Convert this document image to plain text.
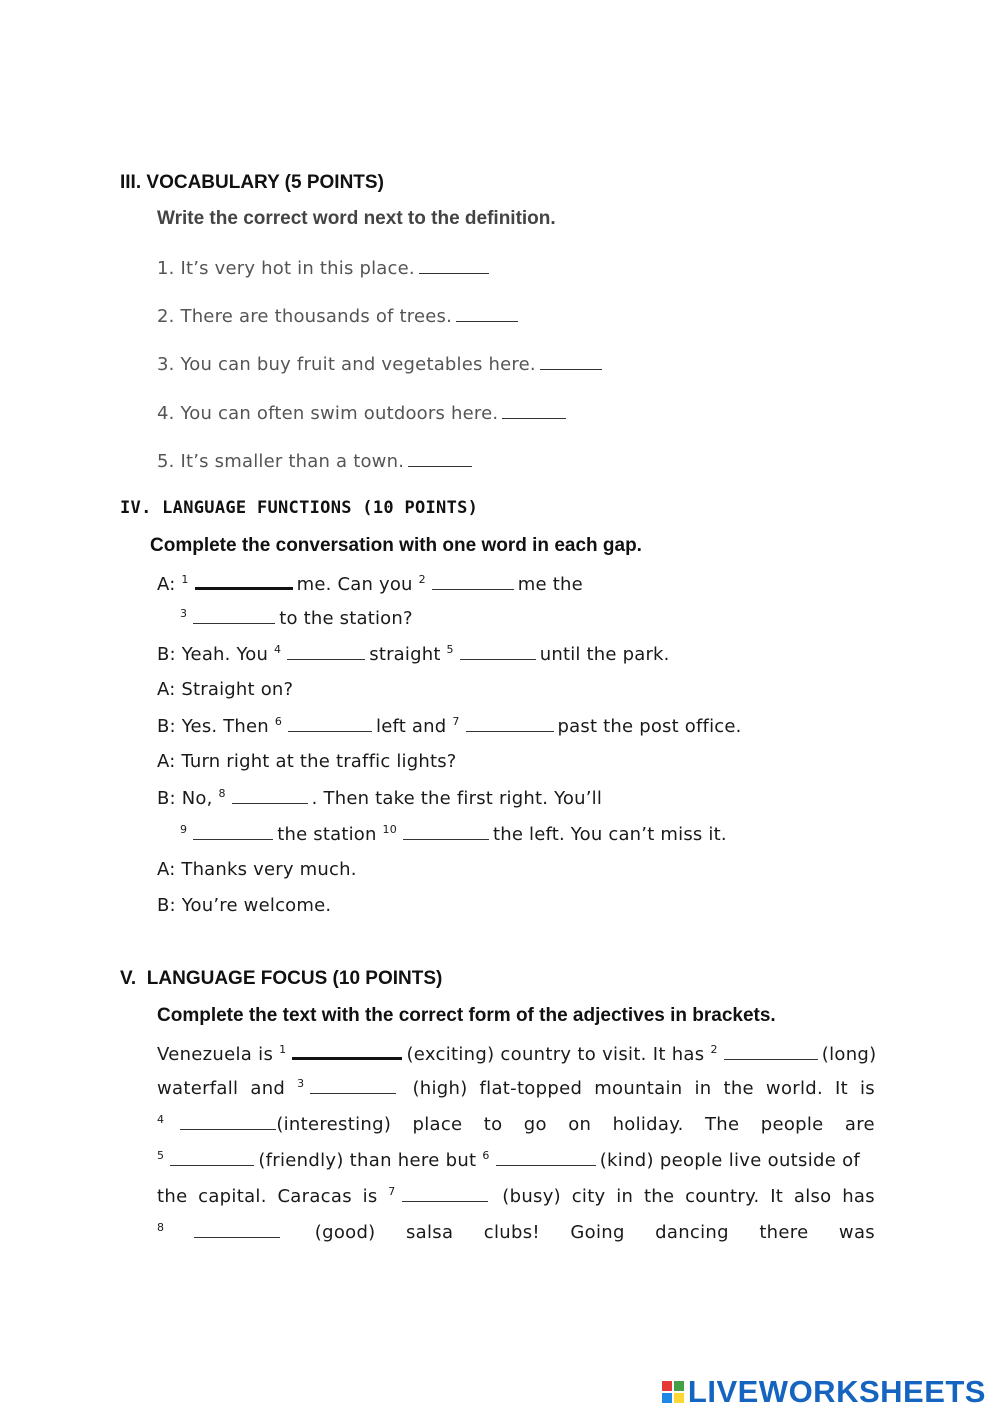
III. VOCABULARY (5 POINTS)
Write the correct word next to the definition.
1. It’s very hot in this place.
2. There are thousands of trees.
3. You can buy fruit and vegetables here.
4. You can often swim outdoors here.
5. It’s smaller than a town.
IV. LANGUAGE FUNCTIONS (10 POINTS)
Complete the conversation with one word in each gap.
A: $^1$	me. Can you $^2$	me the
$^3$	to the station?
B: Yeah. You $^4$	straight $^5$	until the park.
A: Straight on?
B: Yes. Then $^6$	left and $^7$	past the post office.
A: Turn right at the traffic lights?
B: No, $^8$	. Then take the first right. You’ll
$^9$	the station $^{10}$	the left. You can’t miss it.
A: Thanks very much.
B: You’re welcome.
V.  LANGUAGE FOCUS (10 POINTS)
Complete the text with the correct form of the adjectives in brackets.
Venezuela is $^1$	(exciting) country to visit. It has $^2$	(long)
waterfall and $^3$	(high) flat-topped mountain in the world. It is
$^4$	(interesting) place to go on holiday. The people are
$^5$	(friendly) than here but $^6$	(kind) people live outside of
the capital. Caracas is $^7$	(busy) city in the country. It also has
$^8$	(good) salsa clubs! Going dancing there was
LIVEWORKSHEETS
